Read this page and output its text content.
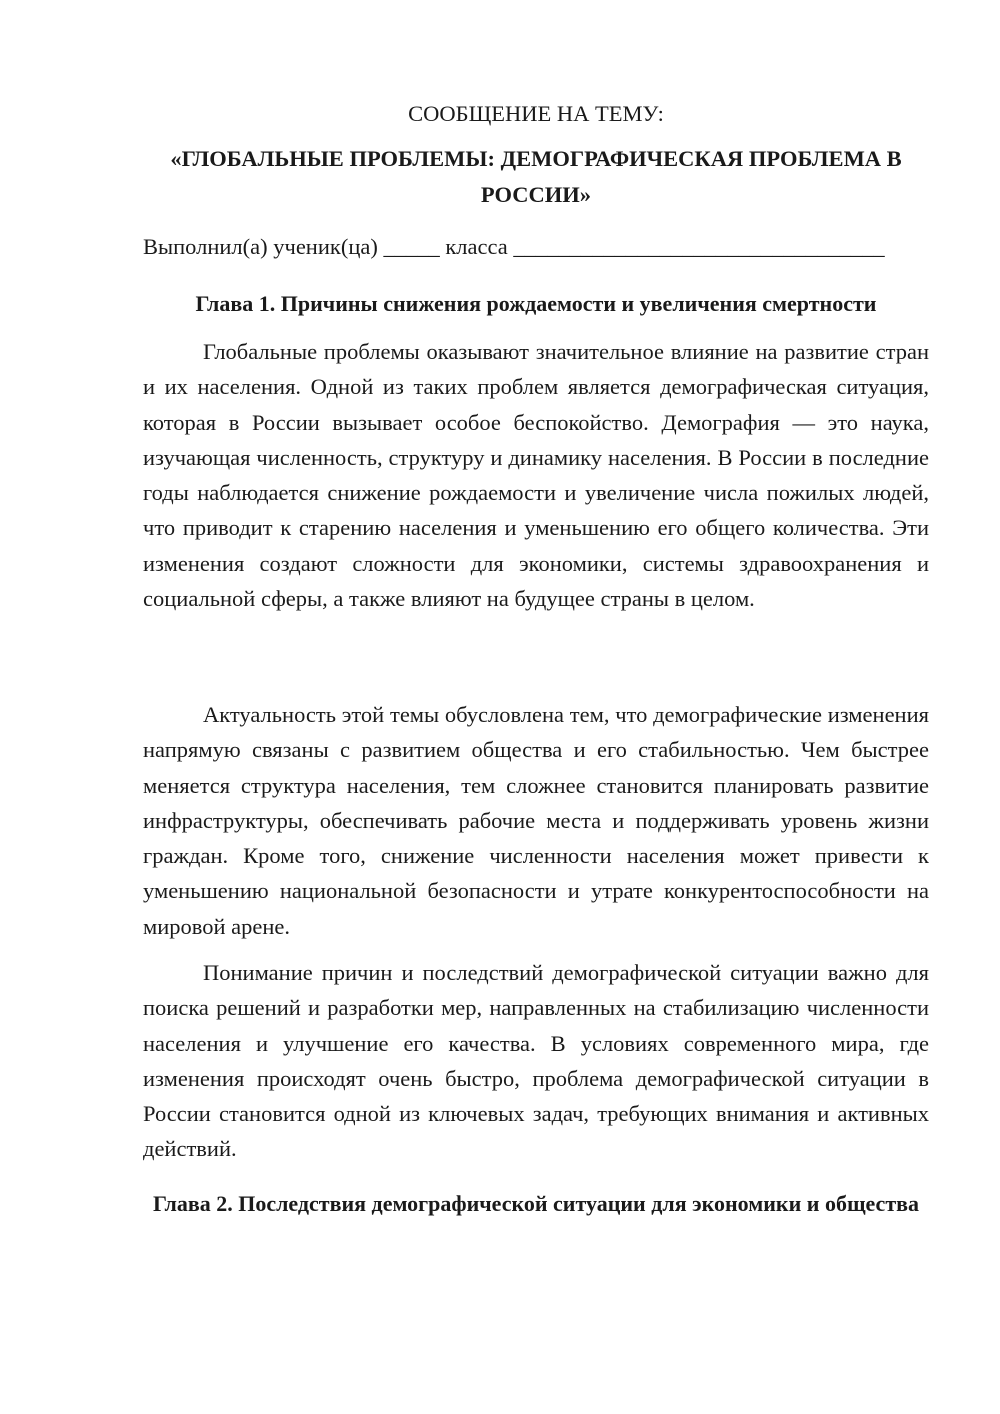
СООБЩЕНИЕ НА ТЕМУ:
«ГЛОБАЛЬНЫЕ ПРОБЛЕМЫ: ДЕМОГРАФИЧЕСКАЯ ПРОБЛЕМА В РОССИИ»
Выполнил(а) ученик(ца) _____ класса _________________________________
Глава 1. Причины снижения рождаемости и увеличения смертности

Глобальные проблемы оказывают значительное влияние на развитие стран и их населения. Одной из таких проблем является демографическая ситуация, которая в России вызывает особое беспокойство. Демография — это наука, изучающая численность, структуру и динамику населения. В России в последние годы наблюдается снижение рождаемости и увеличение числа пожилых людей, что приводит к старению населения и уменьшению его общего количества. Эти изменения создают сложности для экономики, системы здравоохранения и социальной сферы, а также влияют на будущее страны в целом.

Актуальность этой темы обусловлена тем, что демографические изменения напрямую связаны с развитием общества и его стабильностью. Чем быстрее меняется структура населения, тем сложнее становится планировать развитие инфраструктуры, обеспечивать рабочие места и поддерживать уровень жизни граждан. Кроме того, снижение численности населения может привести к уменьшению национальной безопасности и утрате конкурентоспособности на мировой арене.

Понимание причин и последствий демографической ситуации важно для поиска решений и разработки мер, направленных на стабилизацию численности населения и улучшение его качества. В условиях современного мира, где изменения происходят очень быстро, проблема демографической ситуации в России становится одной из ключевых задач, требующих внимания и активных действий.

Глава 2. Последствия демографической ситуации для экономики и общества
